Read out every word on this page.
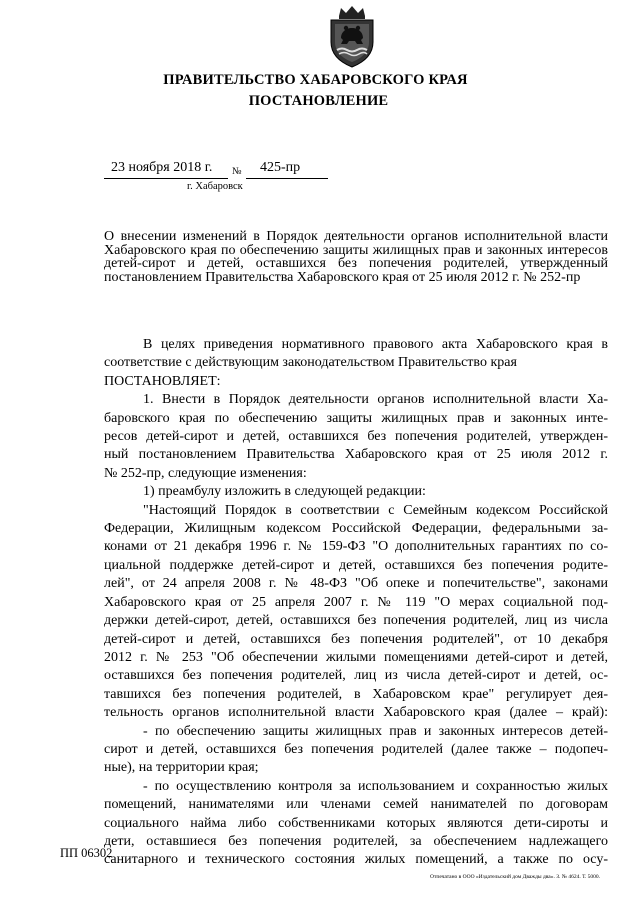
ПРАВИТЕЛЬСТВО ХАБАРОВСКОГО КРАЯ
ПОСТАНОВЛЕНИЕ
23 ноября 2018 г. № 425-пр
г. Хабаровск
О внесении изменений в Порядок деятельности органов исполнительной власти Хабаровского края по обеспечению защиты жилищных прав и законных интересов детей-сирот и детей, оставшихся без попечения родителей, утвержденный постановлением Правительства Хабаровского края от 25 июля 2012 г. № 252-пр

В целях приведения нормативного правового акта Хабаровского края в

соответствие с действующим законодательством Правительство края
ПОСТАНОВЛЯЕТ:

1. Внести в Порядок деятельности органов исполнительной власти Ха-

баровского края по обеспечению защиты жилищных прав и законных инте-
ресов детей-сирот и детей, оставшихся без попечения родителей, утвержден-
ный постановлением Правительства Хабаровского края от 25 июля 2012 г.
№ 252-пр, следующие изменения:

1) преамбулу изложить в следующей редакции:

"Настоящий Порядок в соответствии с Семейным кодексом Российской

Федерации, Жилищным кодексом Российской Федерации, федеральными за-
конами от 21 декабря 1996 г. № 159-ФЗ "О дополнительных гарантиях по со-
циальной поддержке детей-сирот и детей, оставшихся без попечения родите-
лей", от 24 апреля 2008 г. № 48-ФЗ "Об опеке и попечительстве", законами
Хабаровского края от 25 апреля 2007 г. № 119 "О мерах социальной под-
держки детей-сирот, детей, оставшихся без попечения родителей, лиц из числа
детей-сирот и детей, оставшихся без попечения родителей", от 10 декабря
2012 г. № 253 "Об обеспечении жилыми помещениями детей-сирот и детей,
оставшихся без попечения родителей, лиц из числа детей-сирот и детей, ос-
тавшихся без попечения родителей, в Хабаровском крае" регулирует дея-
тельность органов исполнительной власти Хабаровского края (далее – край):

- по обеспечению защиты жилищных прав и законных интересов детей-

сирот и детей, оставшихся без попечения родителей (далее также – подопеч-
ные), на территории края;

- по осуществлению контроля за использованием и сохранностью жилых

помещений, нанимателями или членами семей нанимателей по договорам
социального найма либо собственниками которых являются дети-сироты и
дети, оставшиеся без попечения родителей, за обеспечением надлежащего
санитарного и технического состояния жилых помещений, а также по осу-

ПП 06302
Отпечатано в ООО «Издательский дом Дважды два». З. № 4624. Т. 5000.
